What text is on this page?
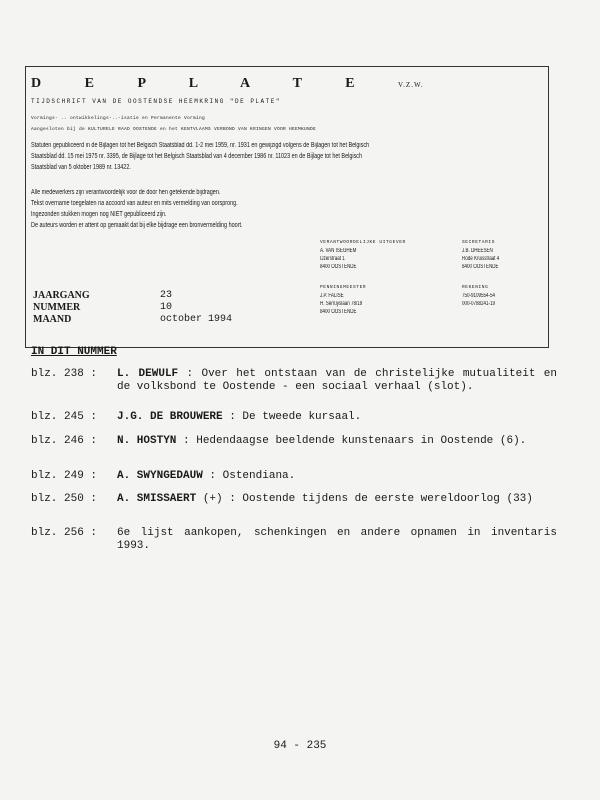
D E P L A T E	V.Z.W.
TIJDSCHRIFT VAN DE OOSTENDSE HEEMKRING "DE PLATE"
Vormings- .. ontwikkelings-..-isatie en Permanente Vorming
Aangesloten bij de KULTURELE RAAD OOSTENDE en het KENTVLAAMS VERBOND VAN KRINGEN VOOR HEEMKUNDE
Statuten gepubliceerd in de Bijlagen tot het Belgisch Staatsblad dd. 1-2 mei 1959, nr. 1931 en gewijzigd volgens de Bijlagen tot het Belgisch
Staatsblad dd. 15 mei 1975 nr. 3395, de Bijlage tot het Belgisch Staatsblad van 4 december 1986 nr. 11023 en de Bijlage tot het Belgisch
Staatsblad van 5 oktober 1989 nr. 13422.
Alle medewerkers zijn verantwoordelijk voor de door hen getekende bijdragen.
Tekst overname toegelaten na accoord van auteur en mits vermelding van oorsprong.
Ingezonden stukken mogen nog NIET gepubliceerd zijn.
De auteurs worden er attent op gemaakt dat bij elke bijdrage een bronvermelding hoort.
VERANTWOORDELIJKE UITGEVER
A. VAN ISEGHEM
IJzerstraat 1
8400 OOSTENDE
SECRETARIS
J.B. DHEESEN
Rode Kruisstraat 4
8400 OOSTENDE
PENNINGMEESTER
J.P. FALISE
H. Serruyslaan 78/19
8400 OOSTENDE
REKENING
750-9109554-54
000-0788241-19
JAARGANG	23
NUMMER	10
MAAND	october 1994
IN DIT NUMMER
blz. 238 : L. DEWULF : Over het ontstaan van de christelijke mutualiteit en de volksbond te Oostende - een sociaal verhaal (slot).
blz. 245 : J.G. DE BROUWERE : De tweede kursaal.
blz. 246 : N. HOSTYN : Hedendaagse beeldende kunstenaars in Oostende (6).
blz. 249 : A. SWYNGEDAUW : Ostendiana.
blz. 250 : A. SMISSAERT (+) : Oostende tijdens de eerste wereldoorlog (33)
blz. 256 : 6e lijst aankopen, schenkingen en andere opnamen in inventaris 1993.
94 - 235
